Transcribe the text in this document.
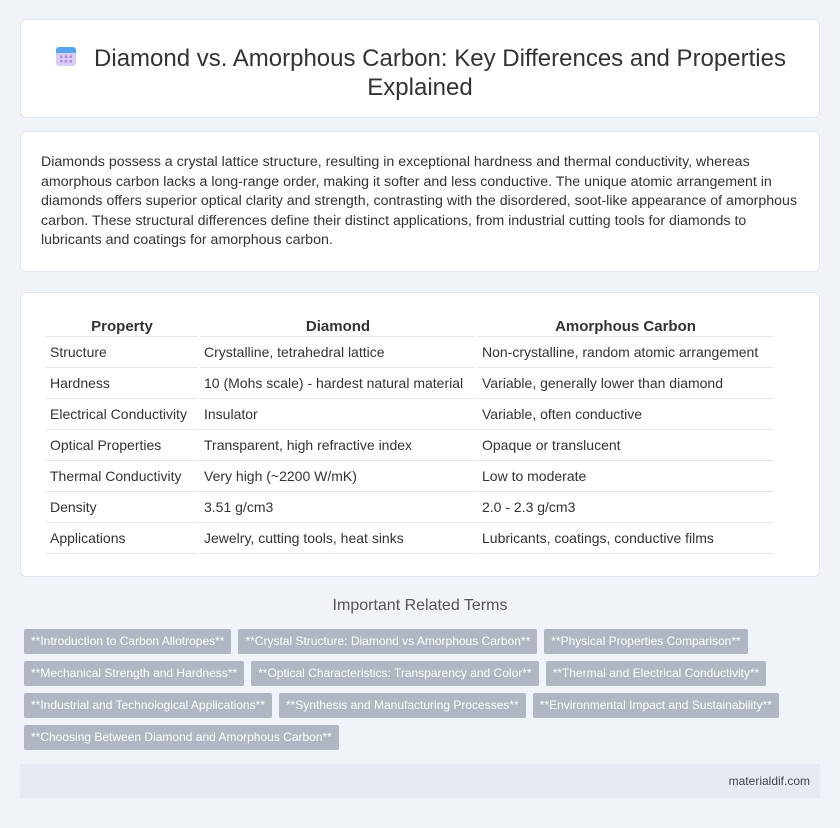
Diamond vs. Amorphous Carbon: Key Differences and Properties Explained

Diamonds possess a crystal lattice structure, resulting in exceptional hardness and thermal conductivity, whereas amorphous carbon lacks a long-range order, making it softer and less conductive. The unique atomic arrangement in diamonds offers superior optical clarity and strength, contrasting with the disordered, soot-like appearance of amorphous carbon. These structural differences define their distinct applications, from industrial cutting tools for diamonds to lubricants and coatings for amorphous carbon.

Property	Diamond	Amorphous Carbon
Structure	Crystalline, tetrahedral lattice	Non-crystalline, random atomic arrangement
Hardness	10 (Mohs scale) - hardest natural material	Variable, generally lower than diamond
Electrical Conductivity	Insulator	Variable, often conductive
Optical Properties	Transparent, high refractive index	Opaque or translucent
Thermal Conductivity	Very high (~2200 W/mK)	Low to moderate
Density	3.51 g/cm3	2.0 - 2.3 g/cm3
Applications	Jewelry, cutting tools, heat sinks	Lubricants, coatings, conductive films
Important Related Terms
**Introduction to Carbon Allotropes**	**Crystal Structure: Diamond vs Amorphous Carbon**	**Physical Properties Comparison**
**Mechanical Strength and Hardness**	**Optical Characteristics: Transparency and Color**	**Thermal and Electrical Conductivity**
**Industrial and Technological Applications**	**Synthesis and Manufacturing Processes**	**Environmental Impact and Sustainability**
**Choosing Between Diamond and Amorphous Carbon**
materialdif.com
